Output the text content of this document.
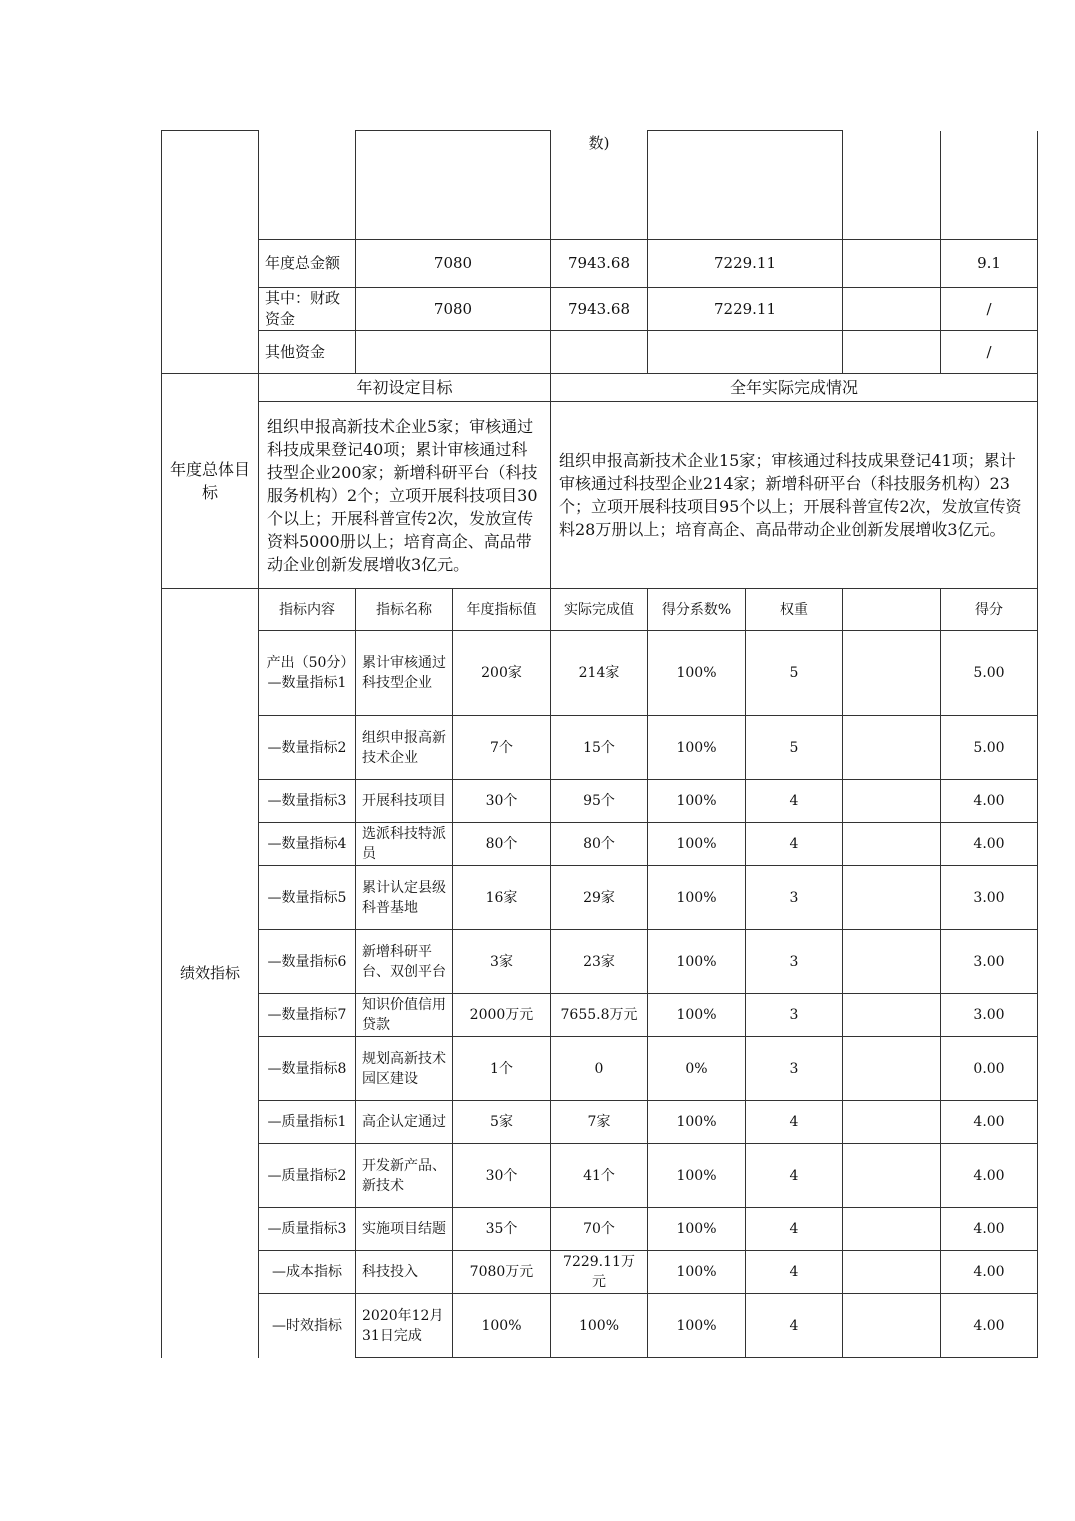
				数)				
	年度总金额	7080		7943.68	7229.11			9.1
	其中：财政资金	7080		7943.68	7229.11			/
	其他资金							/
年度总体目标	年初设定目标			全年实际完成情况				
	组织申报高新技术企业5家；审核通过科技成果登记40项；累计审核通过科技型企业200家；新增科研平台（科技服务机构）2个；立项开展科技项目30个以上；开展科普宣传2次，发放宣传资料5000册以上；培育高企、高品带动企业创新发展增收3亿元。			组织申报高新技术企业15家；审核通过科技成果登记41项；累计审核通过科技型企业214家；新增科研平台（科技服务机构）23个；立项开展科技项目95个以上；开展科普宣传2次，发放宣传资料28万册以上；培育高企、高品带动企业创新发展增收3亿元。				
绩效指标	指标内容	指标名称	年度指标值	实际完成值	得分系数%	权重		得分
	产出（50分）—数量指标1	累计审核通过科技型企业	200家	214家	100%	5		5.00
	—数量指标2	组织申报高新技术企业	7个	15个	100%	5		5.00
	—数量指标3	开展科技项目	30个	95个	100%	4		4.00
	—数量指标4	选派科技特派员	80个	80个	100%	4		4.00
	—数量指标5	累计认定县级科普基地	16家	29家	100%	3		3.00
	—数量指标6	新增科研平台、双创平台	3家	23家	100%	3		3.00
	—数量指标7	知识价值信用贷款	2000万元	7655.8万元	100%	3		3.00
	—数量指标8	规划高新技术园区建设	1个	0	0%	3		0.00
	—质量指标1	高企认定通过	5家	7家	100%	4		4.00
	—质量指标2	开发新产品、新技术	30个	41个	100%	4		4.00
	—质量指标3	实施项目结题	35个	70个	100%	4		4.00
	—成本指标	科技投入	7080万元	7229.11万元	100%	4		4.00
	—时效指标	2020年12月31日完成	100%	100%	100%	4		4.00
